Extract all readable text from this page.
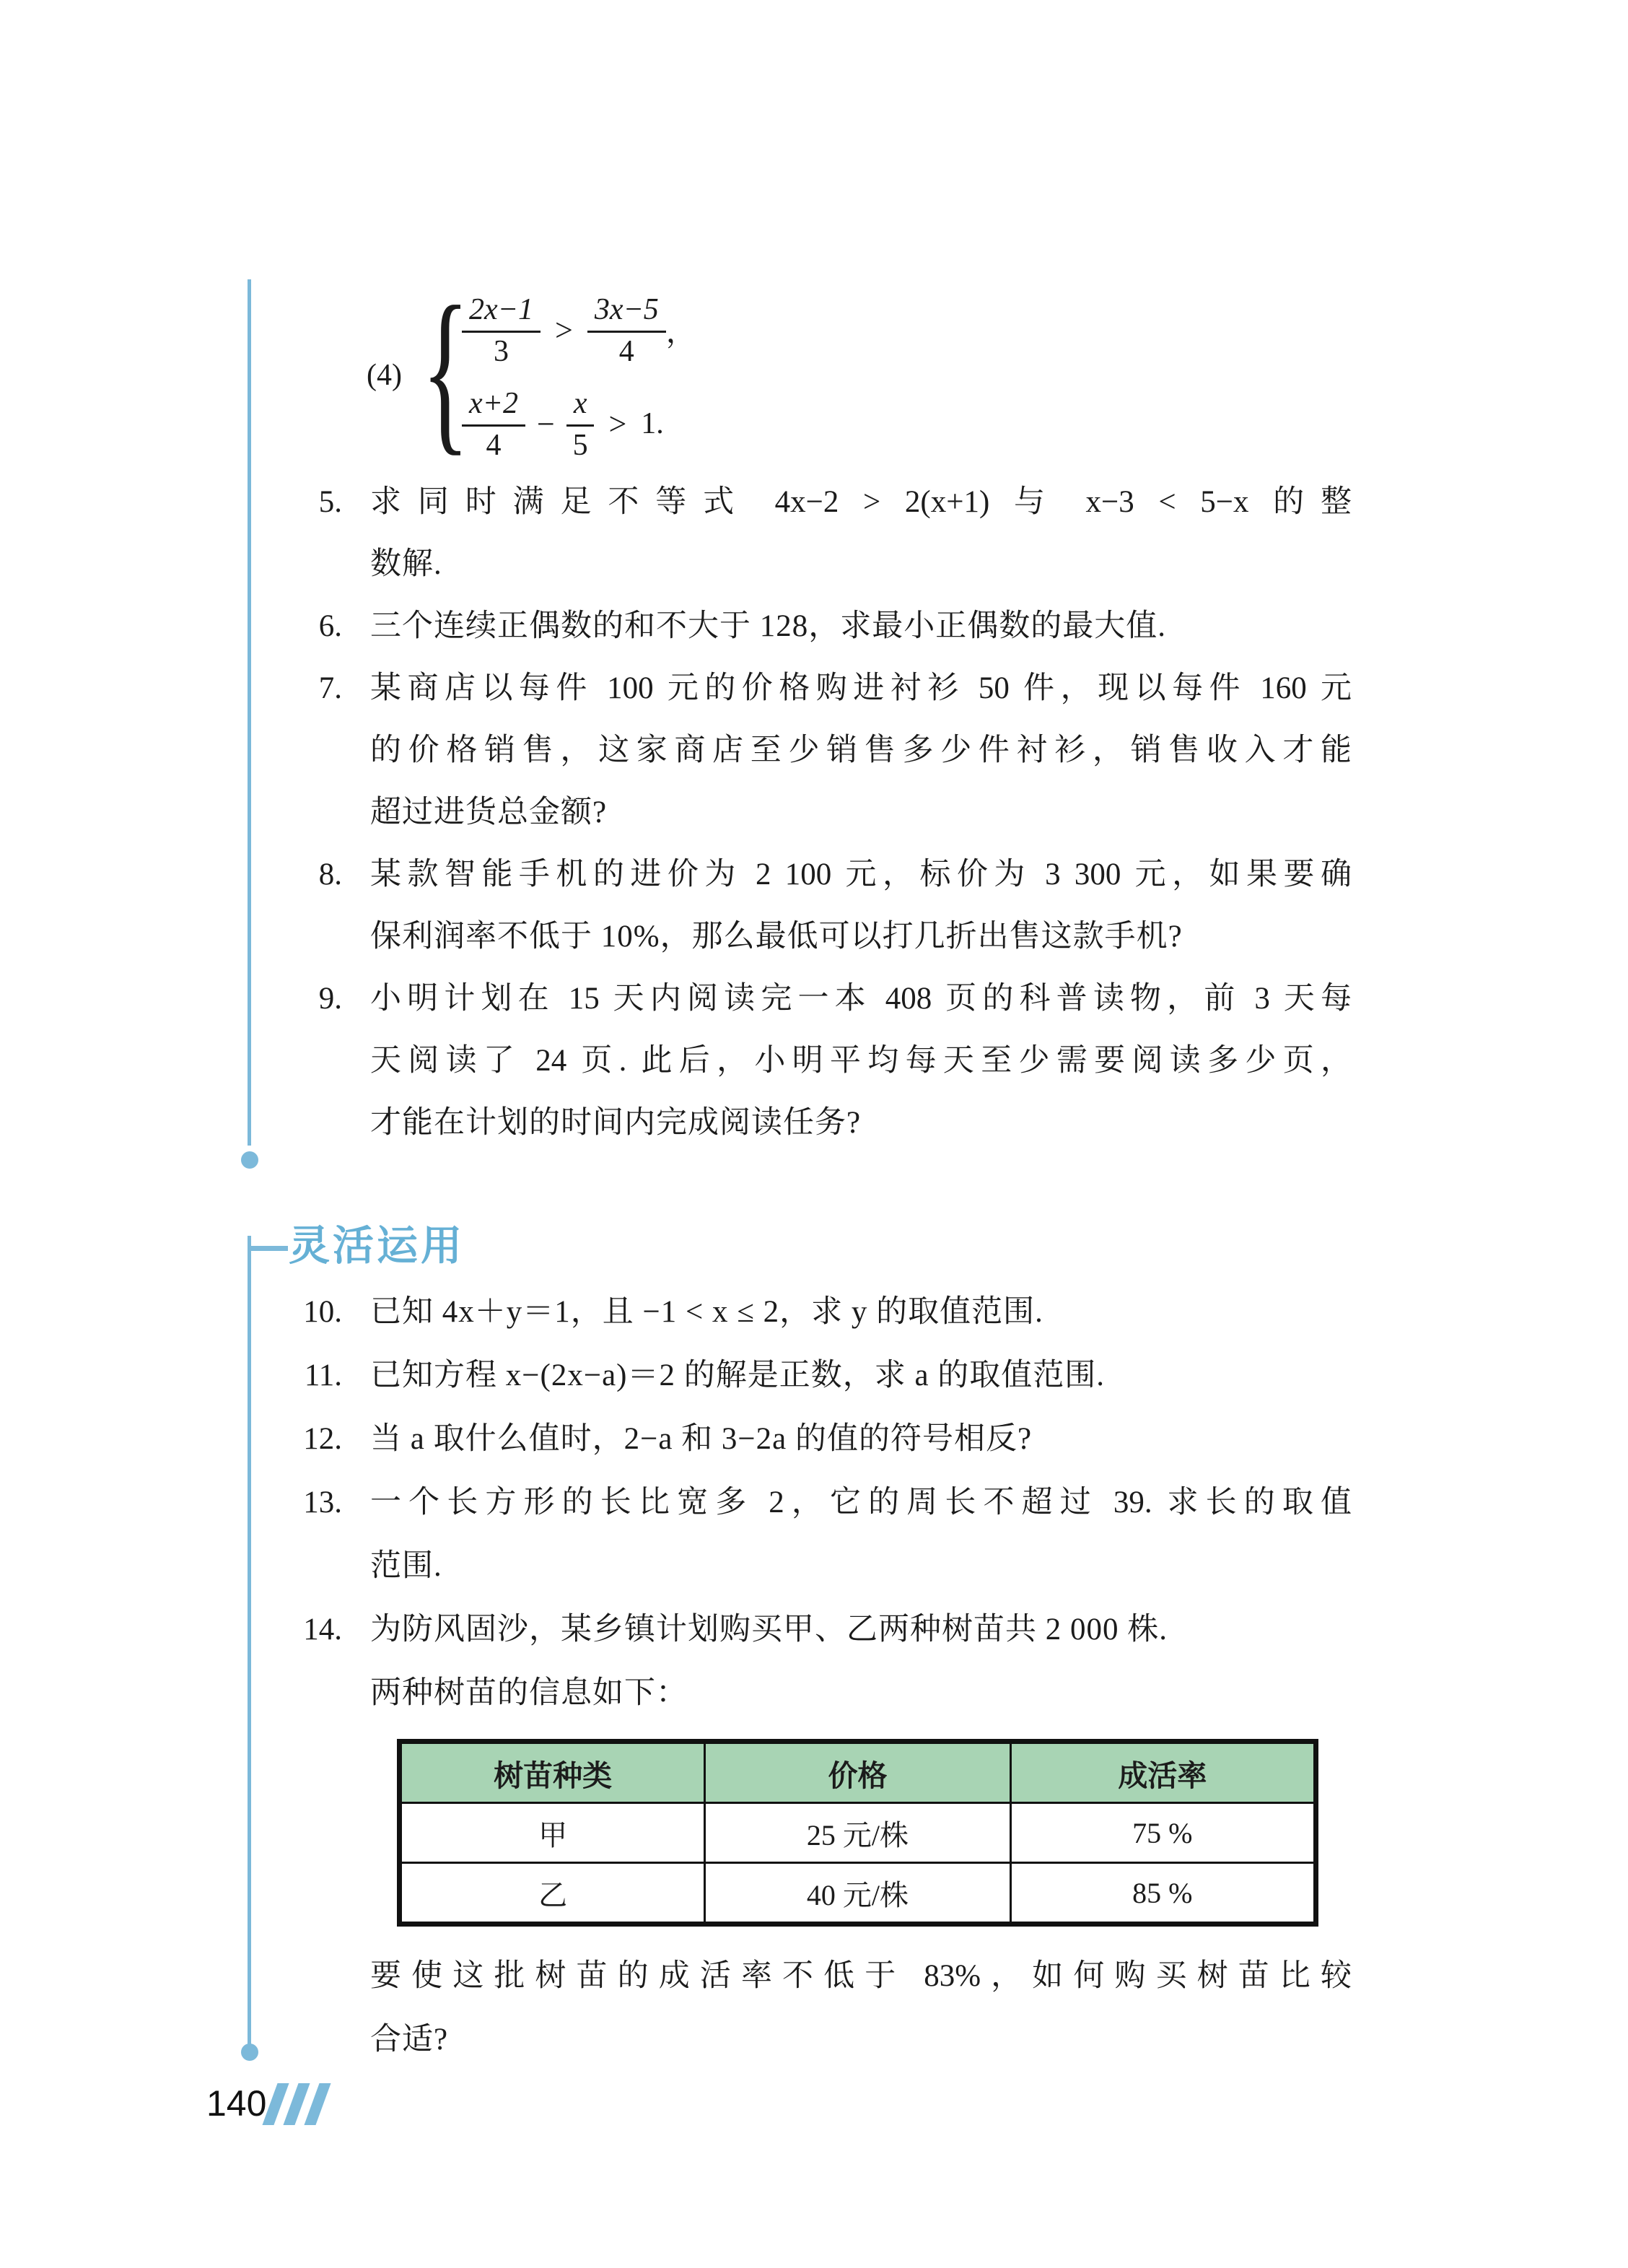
(4) {
$\frac{2x-1}{3} > \frac{3x-5}{4}$ ，
$\frac{x+2}{4} - \frac{x}{5} > 1$.
5. 求同时满足不等式 4x−2 > 2(x+1) 与 x−3 < 5−x 的整
数解.
6. 三个连续正偶数的和不大于 128，求最小正偶数的最大值.
7. 某商店以每件 100 元的价格购进衬衫 50 件，现以每件 160 元
的价格销售，这家商店至少销售多少件衬衫，销售收入才能
超过进货总金额?
8. 某款智能手机的进价为 2 100 元，标价为 3 300 元，如果要确
保利润率不低于 10%，那么最低可以打几折出售这款手机?
9. 小明计划在 15 天内阅读完一本 408 页的科普读物，前 3 天每
天阅读了 24 页. 此后，小明平均每天至少需要阅读多少页，
才能在计划的时间内完成阅读任务?
灵活运用
10. 已知 4x＋y＝1，且 −1 < x ≤ 2，求 y 的取值范围.
11. 已知方程 x−(2x−a)＝2 的解是正数，求 a 的取值范围.
12. 当 a 取什么值时，2−a 和 3−2a 的值的符号相反?
13. 一个长方形的长比宽多 2，它的周长不超过 39. 求长的取值
范围.
14. 为防风固沙，某乡镇计划购买甲、乙两种树苗共 2 000 株.
两种树苗的信息如下：
树苗种类	价格	成活率
甲	25 元/株	75 %
乙	40 元/株	85 %
要使这批树苗的成活率不低于 83%，如何购买树苗比较
合适?
140
